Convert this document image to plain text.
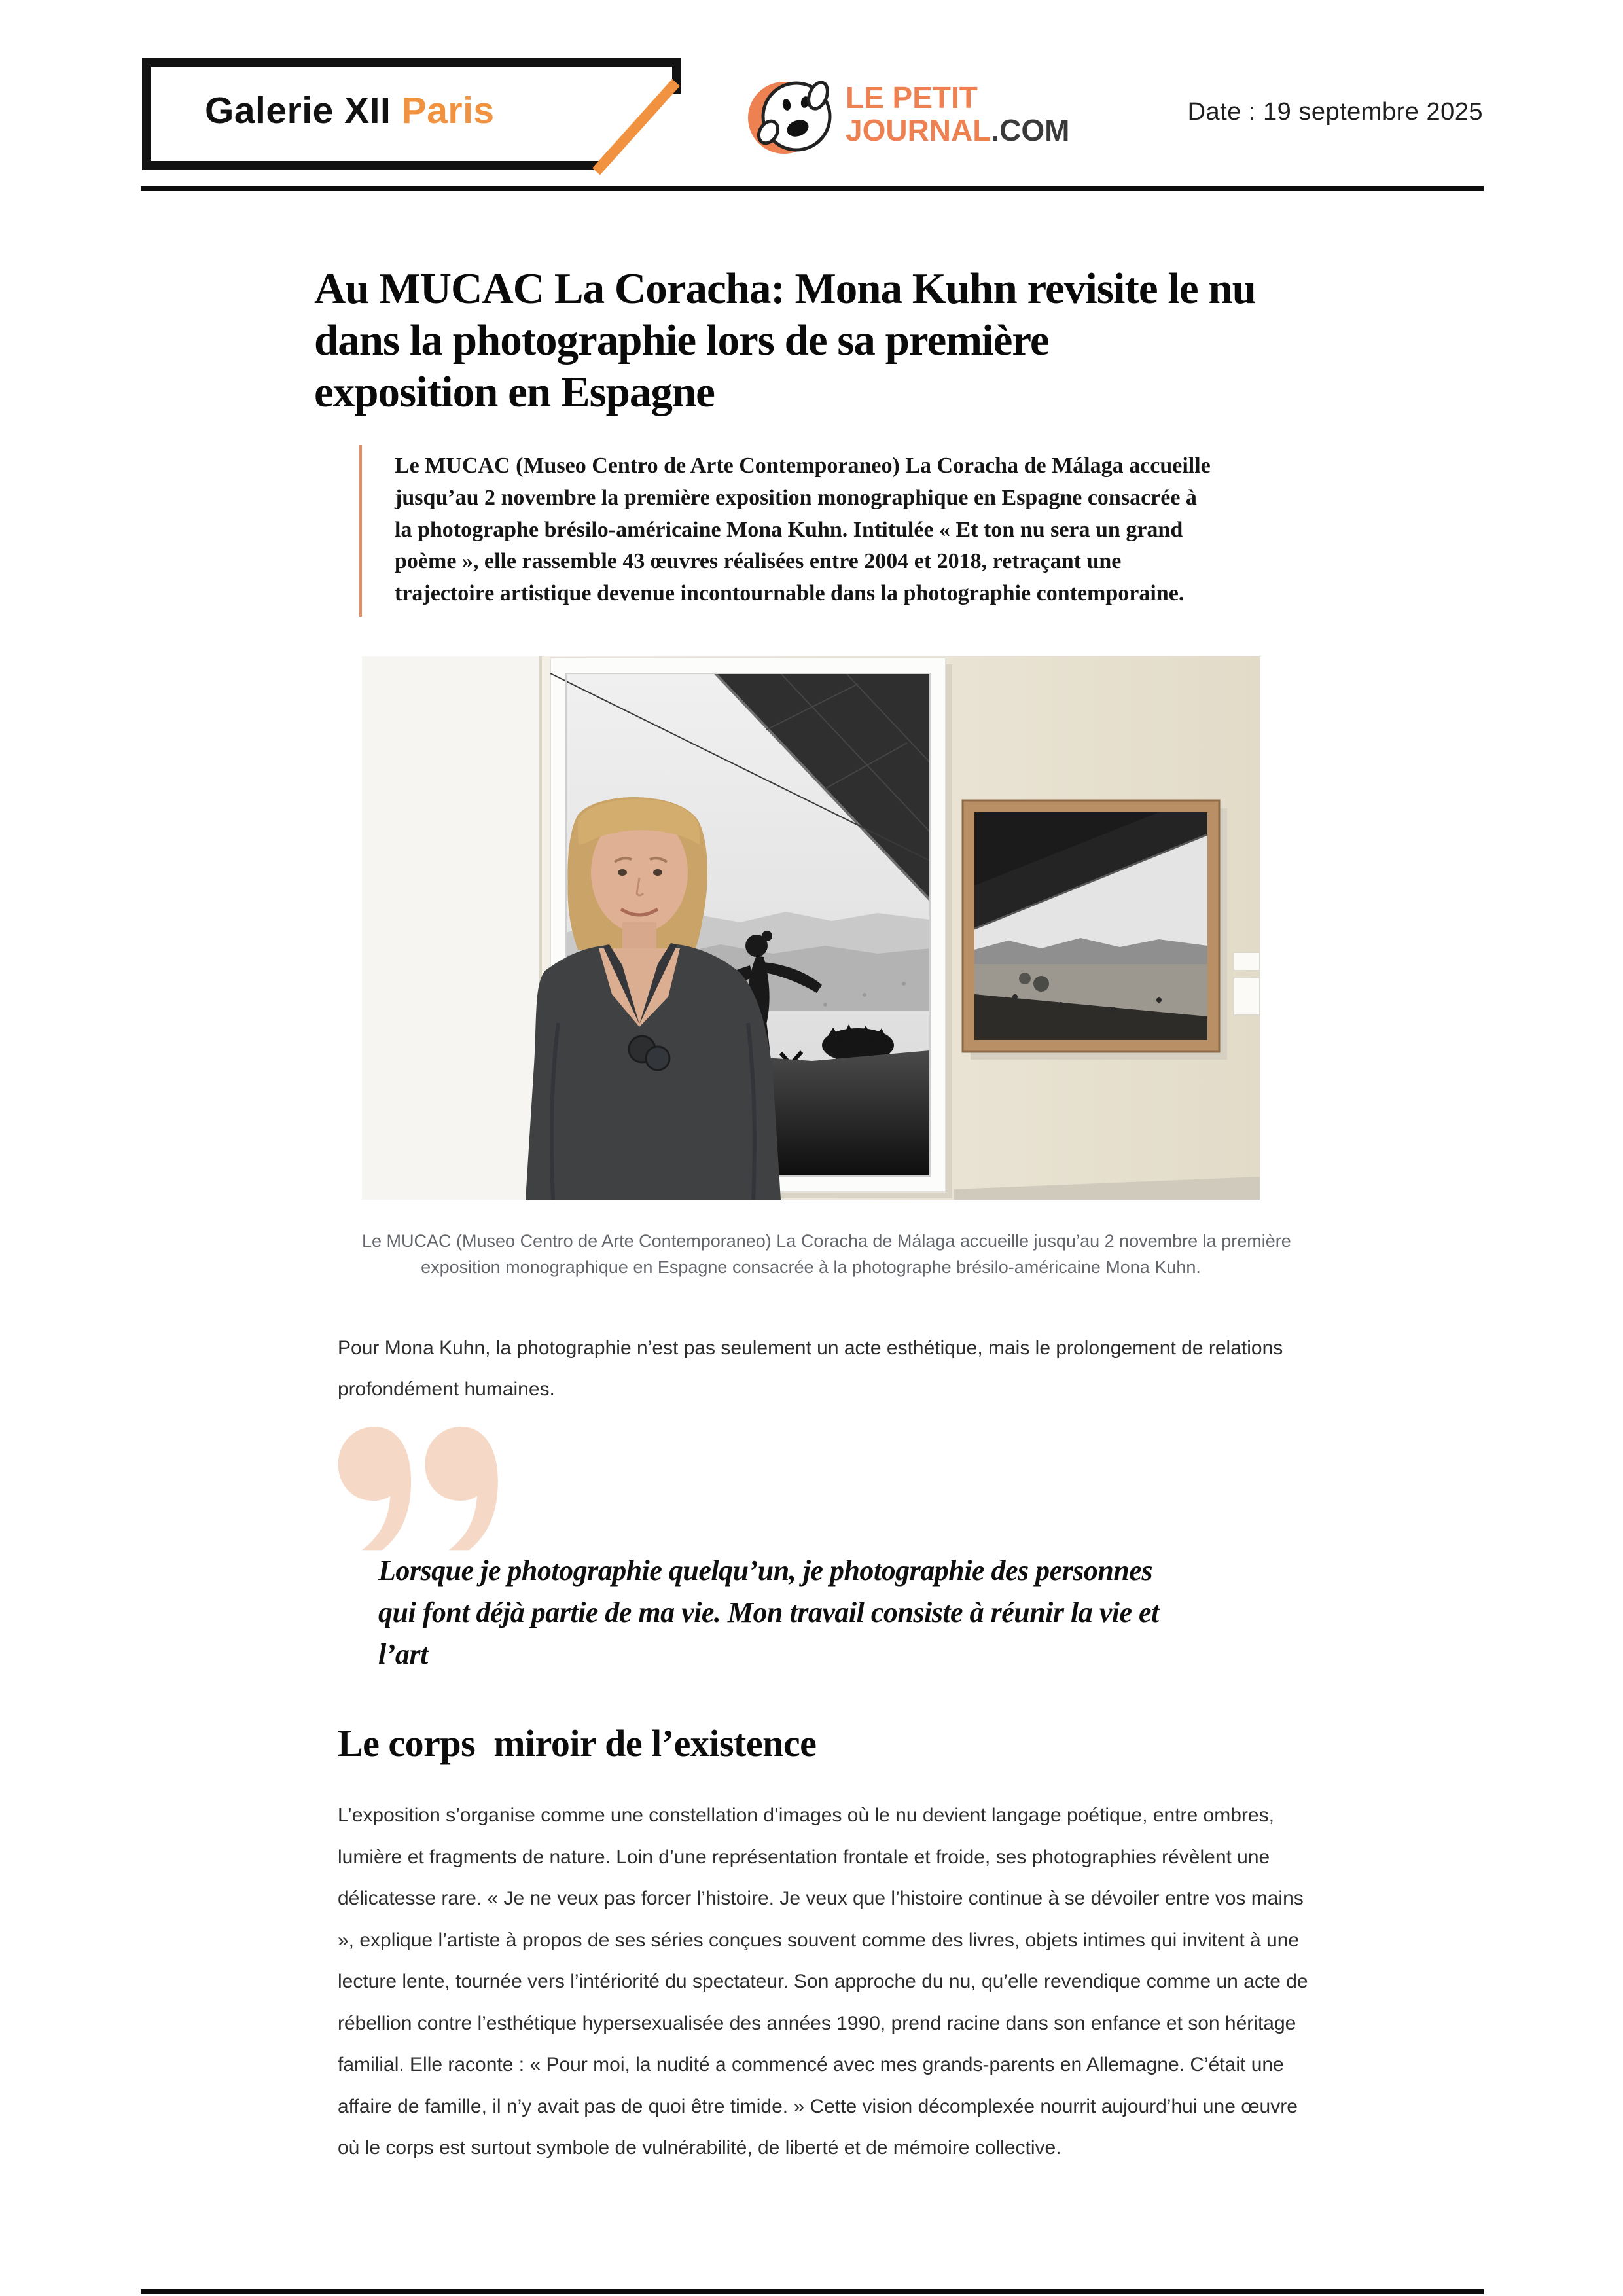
Galerie XII Paris	LE PETIT
JOURNAL.COM
Date : 19 septembre 2025
Au MUCAC La Coracha: Mona Kuhn revisite le nu
dans la photographie lors de sa première
exposition en Espagne
Le MUCAC (Museo Centro de Arte Contemporaneo) La Coracha de Málaga accueille
jusqu’au 2 novembre la première exposition monographique en Espagne consacrée à
la photographe brésilo-américaine Mona Kuhn. Intitulée « Et ton nu sera un grand
poème », elle rassemble 43 œuvres réalisées entre 2004 et 2018, retraçant une
trajectoire artistique devenue incontournable dans la photographie contemporaine.
Le MUCAC (Museo Centro de Arte Contemporaneo) La Coracha de Málaga accueille jusqu’au 2 novembre la première
exposition monographique en Espagne consacrée à la photographe brésilo-américaine Mona Kuhn.
Pour Mona Kuhn, la photographie n’est pas seulement un acte esthétique, mais le prolongement de relations profondément humaines.
Lorsque je photographie quelqu’un, je photographie des personnes
qui font déjà partie de ma vie. Mon travail consiste à réunir la vie et
l’art
Le corps  miroir de l’existence
L’exposition s’organise comme une constellation d’images où le nu devient langage poétique, entre ombres, lumière et fragments de nature. Loin d’une représentation frontale et froide, ses photographies révèlent une délicatesse rare. « Je ne veux pas forcer l’histoire. Je veux que l’histoire continue à se dévoiler entre vos mains », explique l’artiste à propos de ses séries conçues souvent comme des livres, objets intimes qui invitent à une lecture lente, tournée vers l’intériorité du spectateur. Son approche du nu, qu’elle revendique comme un acte de rébellion contre l’esthétique hypersexualisée des années 1990, prend racine dans son enfance et son héritage familial. Elle raconte : « Pour moi, la nudité a commencé avec mes grands-parents en Allemagne. C’était une affaire de famille, il n’y avait pas de quoi être timide. » Cette vision décomplexée nourrit aujourd’hui une œuvre où le corps est surtout symbole de vulnérabilité, de liberté et de mémoire collective.
